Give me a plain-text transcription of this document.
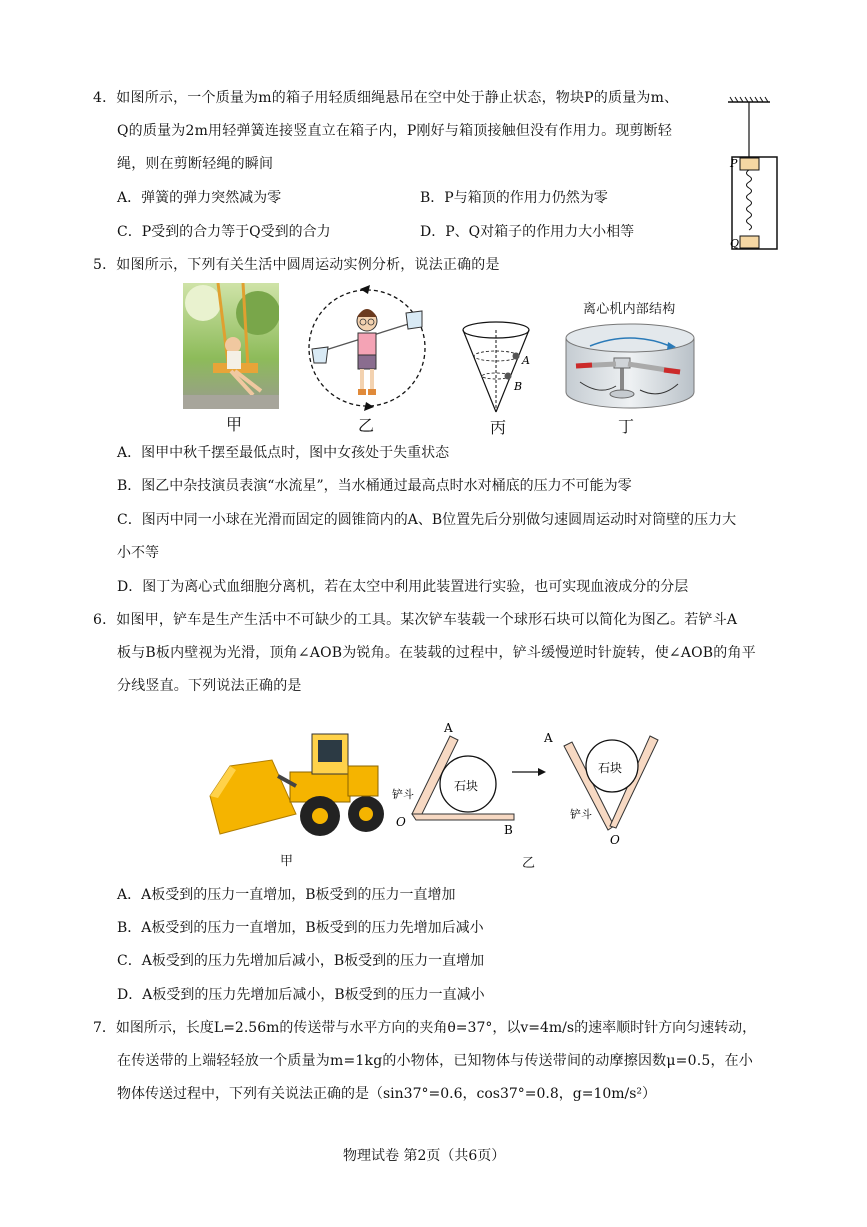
4．如图所示，一个质量为m的箱子用轻质细绳悬吊在空中处于静止状态，物块P的质量为m、
Q的质量为2m用轻弹簧连接竖直立在箱子内，P刚好与箱顶接触但没有作用力。现剪断轻
绳，则在剪断轻绳的瞬间
A．弹簧的弹力突然减为零	B．P与箱顶的作用力仍然为零
C．P受到的合力等于Q受到的合力	D．P、Q对箱子的作用力大小相等
P
Q
5．如图所示，下列有关生活中圆周运动实例分析，说法正确的是
甲	乙
A
B
丙
离心机内部结构
丁
A．图甲中秋千摆至最低点时，图中女孩处于失重状态
B．图乙中杂技演员表演“水流星”，当水桶通过最高点时水对桶底的压力不可能为零
C．图丙中同一小球在光滑而固定的圆锥筒内的A、B位置先后分别做匀速圆周运动时对筒壁的压力大
小不等
D．图丁为离心式血细胞分离机，若在太空中利用此装置进行实验，也可实现血液成分的分层
6．如图甲，铲车是生产生活中不可缺少的工具。某次铲车装载一个球形石块可以简化为图乙。若铲斗A
板与B板内壁视为光滑，顶角∠AOB为锐角。在装载的过程中，铲斗缓慢逆时针旋转，使∠AOB的角平
分线竖直。下列说法正确的是
甲
石块
A
O
B
铲斗
石块
A
O
铲斗
乙
A．A板受到的压力一直增加，B板受到的压力一直增加
B．A板受到的压力一直增加，B板受到的压力先增加后减小
C．A板受到的压力先增加后减小，B板受到的压力一直增加
D．A板受到的压力先增加后减小，B板受到的压力一直减小
7．如图所示，长度L=2.56m的传送带与水平方向的夹角θ=37°，以v=4m/s的速率顺时针方向匀速转动，
在传送带的上端轻轻放一个质量为m=1kg的小物体，已知物体与传送带间的动摩擦因数μ=0.5，在小
物体传送过程中，下列有关说法正确的是（sin37°=0.6，cos37°=0.8，g=10m/s²）
物理试卷 第2页（共6页）
